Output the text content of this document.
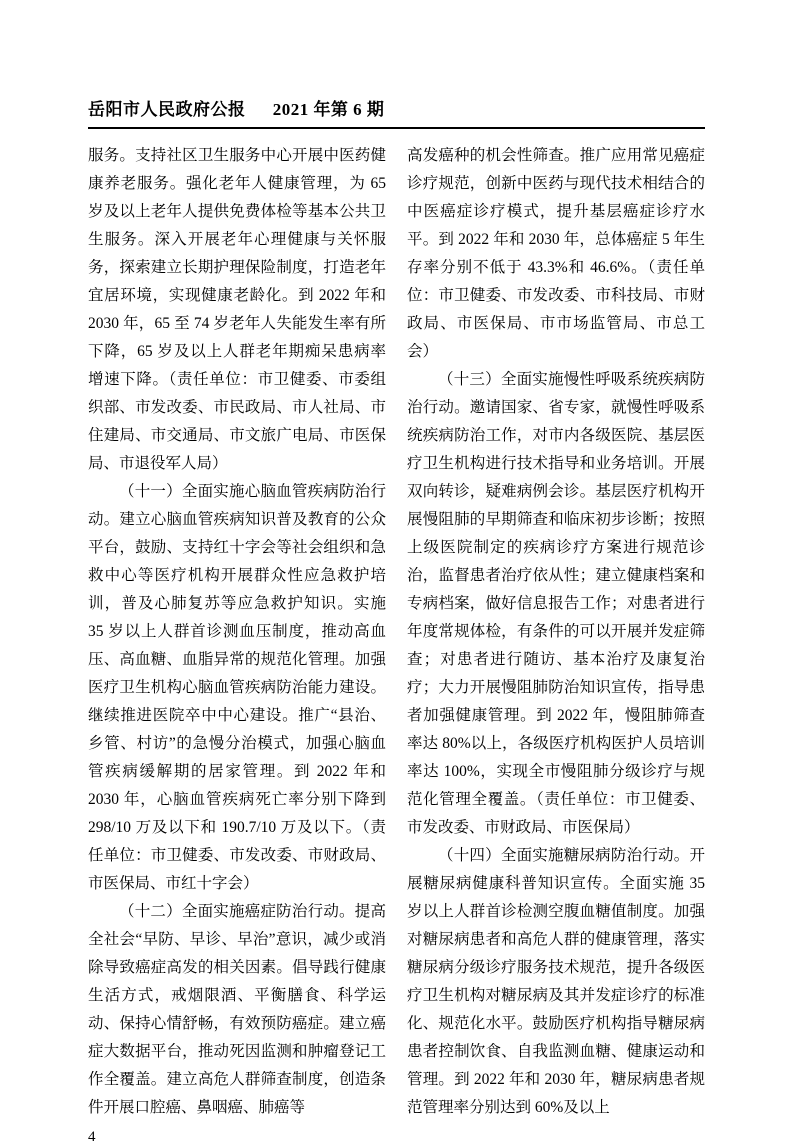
岳阳市人民政府公报 2021 年第 6 期

服务。支持社区卫生服务中心开展中医药健康养老服务。强化老年人健康管理，为 65 岁及以上老年人提供免费体检等基本公共卫生服务。深入开展老年心理健康与关怀服务，探索建立长期护理保险制度，打造老年宜居环境，实现健康老龄化。到 2022 年和 2030 年，65 至 74 岁老年人失能发生率有所下降，65 岁及以上人群老年期痴呆患病率增速下降。（责任单位：市卫健委、市委组织部、市发改委、市民政局、市人社局、市住建局、市交通局、市文旅广电局、市医保局、市退役军人局）

（十一）全面实施心脑血管疾病防治行动。建立心脑血管疾病知识普及教育的公众平台，鼓励、支持红十字会等社会组织和急救中心等医疗机构开展群众性应急救护培训，普及心肺复苏等应急救护知识。实施 35 岁以上人群首诊测血压制度，推动高血压、高血糖、血脂异常的规范化管理。加强医疗卫生机构心脑血管疾病防治能力建设。继续推进医院卒中中心建设。推广“县治、乡管、村访”的急慢分治模式，加强心脑血管疾病缓解期的居家管理。到 2022 年和 2030 年，心脑血管疾病死亡率分别下降到 298/10 万及以下和 190.7/10 万及以下。（责任单位：市卫健委、市发改委、市财政局、市医保局、市红十字会）

（十二）全面实施癌症防治行动。提高全社会“早防、早诊、早治”意识，减少或消除导致癌症高发的相关因素。倡导践行健康生活方式，戒烟限酒、平衡膳食、科学运动、保持心情舒畅，有效预防癌症。建立癌症大数据平台，推动死因监测和肿瘤登记工作全覆盖。建立高危人群筛查制度，创造条件开展口腔癌、鼻咽癌、肺癌等

高发癌种的机会性筛查。推广应用常见癌症诊疗规范，创新中医药与现代技术相结合的中医癌症诊疗模式，提升基层癌症诊疗水平。到 2022 年和 2030 年，总体癌症 5 年生存率分别不低于 43.3%和 46.6%。（责任单位：市卫健委、市发改委、市科技局、市财政局、市医保局、市市场监管局、市总工会）

（十三）全面实施慢性呼吸系统疾病防治行动。邀请国家、省专家，就慢性呼吸系统疾病防治工作，对市内各级医院、基层医疗卫生机构进行技术指导和业务培训。开展双向转诊，疑难病例会诊。基层医疗机构开展慢阻肺的早期筛查和临床初步诊断；按照上级医院制定的疾病诊疗方案进行规范诊治，监督患者治疗依从性；建立健康档案和专病档案，做好信息报告工作；对患者进行年度常规体检，有条件的可以开展并发症筛查；对患者进行随访、基本治疗及康复治疗；大力开展慢阻肺防治知识宣传，指导患者加强健康管理。到 2022 年，慢阻肺筛查率达 80%以上，各级医疗机构医护人员培训率达 100%，实现全市慢阻肺分级诊疗与规范化管理全覆盖。（责任单位：市卫健委、市发改委、市财政局、市医保局）

（十四）全面实施糖尿病防治行动。开展糖尿病健康科普知识宣传。全面实施 35 岁以上人群首诊检测空腹血糖值制度。加强对糖尿病患者和高危人群的健康管理，落实糖尿病分级诊疗服务技术规范，提升各级医疗卫生机构对糖尿病及其并发症诊疗的标准化、规范化水平。鼓励医疗机构指导糖尿病患者控制饮食、自我监测血糖、健康运动和管理。到 2022 年和 2030 年，糖尿病患者规范管理率分别达到 60%及以上

4
